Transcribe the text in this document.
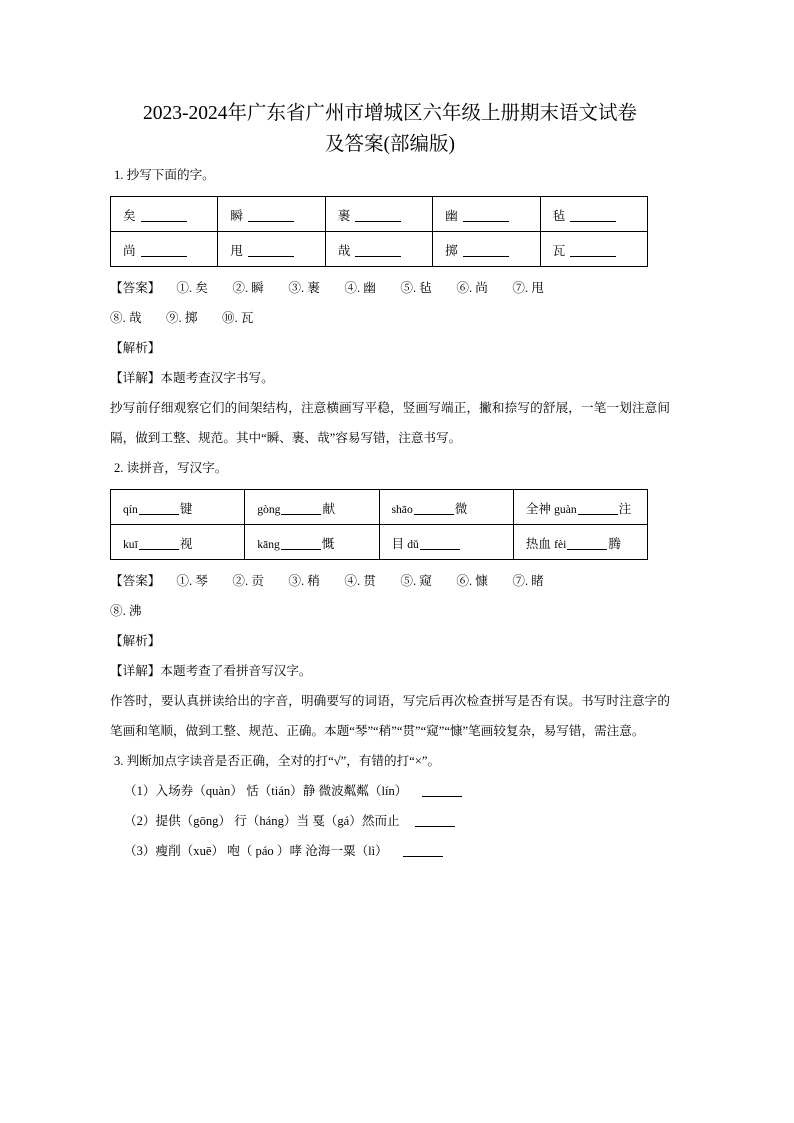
2023-2024年广东省广州市增城区六年级上册期末语文试卷
及答案(部编版)
1. 抄写下面的字。
矣	瞬	裹	幽	毡
尚	甩	哉	掷	瓦
【答案】 ①. 矣 ②. 瞬 ③. 裹 ④. 幽 ⑤. 毡 ⑥. 尚 ⑦. 甩
⑧. 哉 ⑨. 掷 ⑩. 瓦
【解析】
【详解】本题考查汉字书写。
抄写前仔细观察它们的间架结构，注意横画写平稳，竖画写端正，撇和捺写的舒展，一笔一划注意间隔，做到工整、规范。其中“瞬、裹、哉”容易写错，注意书写。
2. 读拼音，写汉字。
qín 键	gòng 献	shāo 微	全神 guàn 注
kuī 视	kāng 慨	目 dǔ	热血 fèi 腾
【答案】 ①. 琴 ②. 贡 ③. 稍 ④. 贯 ⑤. 窥 ⑥. 慷 ⑦. 睹
⑧. 沸
【解析】
【详解】本题考查了看拼音写汉字。
作答时，要认真拼读给出的字音，明确要写的词语，写完后再次检查拼写是否有误。书写时注意字的笔画和笔顺，做到工整、规范、正确。本题“琴”“稍”“贯”“窥”“慷”笔画较复杂，易写错，需注意。
3. 判断加点字读音是否正确，全对的打“√”，有错的打“×”。
（1）入场券（quàn） 恬（tián）静 微波粼粼（lín）
（2）提供（gōng） 行（háng）当 戛（gá）然而止
（3）瘦削（xuē） 咆（ páo ）哮 沧海一粟（lì）
